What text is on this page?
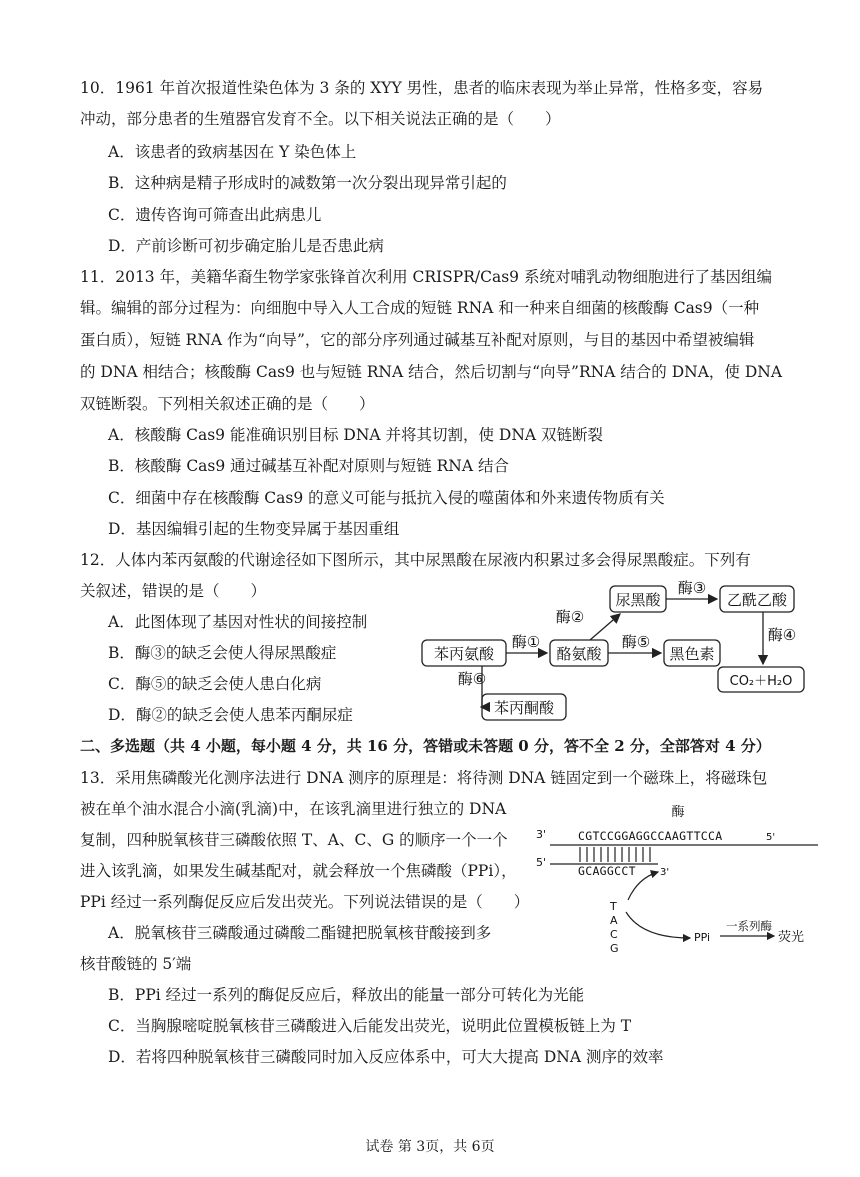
10．1961 年首次报道性染色体为 3 条的 XYY 男性，患者的临床表现为举止异常，性格多变，容易
冲动，部分患者的生殖器官发育不全。以下相关说法正确的是（　　）
A．该患者的致病基因在 Y 染色体上
B．这种病是精子形成时的减数第一次分裂出现异常引起的
C．遗传咨询可筛查出此病患儿
D．产前诊断可初步确定胎儿是否患此病
11．2013 年，美籍华裔生物学家张锋首次利用 CRISPR/Cas9 系统对哺乳动物细胞进行了基因组编
辑。编辑的部分过程为：向细胞中导入人工合成的短链 RNA 和一种来自细菌的核酸酶 Cas9（一种
蛋白质），短链 RNA 作为“向导”，它的部分序列通过碱基互补配对原则，与目的基因中希望被编辑
的 DNA 相结合；核酸酶 Cas9 也与短链 RNA 结合，然后切割与“向导”RNA 结合的 DNA，使 DNA
双链断裂。下列相关叙述正确的是（　　）
A．核酸酶 Cas9 能准确识别目标 DNA 并将其切割，使 DNA 双链断裂
B．核酸酶 Cas9 通过碱基互补配对原则与短链 RNA 结合
C．细菌中存在核酸酶 Cas9 的意义可能与抵抗入侵的噬菌体和外来遗传物质有关
D．基因编辑引起的生物变异属于基因重组
12．人体内苯丙氨酸的代谢途径如下图所示，其中尿黑酸在尿液内积累过多会得尿黑酸症。下列有
关叙述，错误的是（　　）
A．此图体现了基因对性状的间接控制
B．酶③的缺乏会使人得尿黑酸症
C．酶⑤的缺乏会使人患白化病
D．酶②的缺乏会使人患苯丙酮尿症
苯丙氨酸	酪氨酸
尿黑酸	乙酰乙酸
黑色素
CO₂＋H₂O
苯丙酮酸
酶①
酶②
酶③
酶⑤	酶④
酶⑥
二、多选题（共 4 小题，每小题 4 分，共 16 分，答错或未答题 0 分，答不全 2 分，全部答对 4 分）
13．采用焦磷酸光化测序法进行 DNA 测序的原理是：将待测 DNA 链固定到一个磁珠上，将磁珠包
被在单个油水混合小滴(乳滴)中，在该乳滴里进行独立的 DNA
复制，四种脱氧核苷三磷酸依照 T、A、C、G 的顺序一个一个
进入该乳滴，如果发生碱基配对，就会释放一个焦磷酸（PPi），
PPi 经过一系列酶促反应后发出荧光。下列说法错误的是（　　）
A．脱氧核苷三磷酸通过磷酸二酯键把脱氧核苷酸接到多
核苷酸链的 5′端
B．PPi 经过一系列的酶促反应后，释放出的能量一部分可转化为光能
C．当胸腺嘧啶脱氧核苷三磷酸进入后能发出荧光，说明此位置模板链上为 T
D．若将四种脱氧核苷三磷酸同时加入反应体系中，可大大提高 DNA 测序的效率
酶
3'	CGTCCGGAGGCCAAGTTCCA	5'
5'
GCAGGCCT 3'
T
A
C
G
PPi
一系列酶
荧光
试卷 第 3页，共 6页
